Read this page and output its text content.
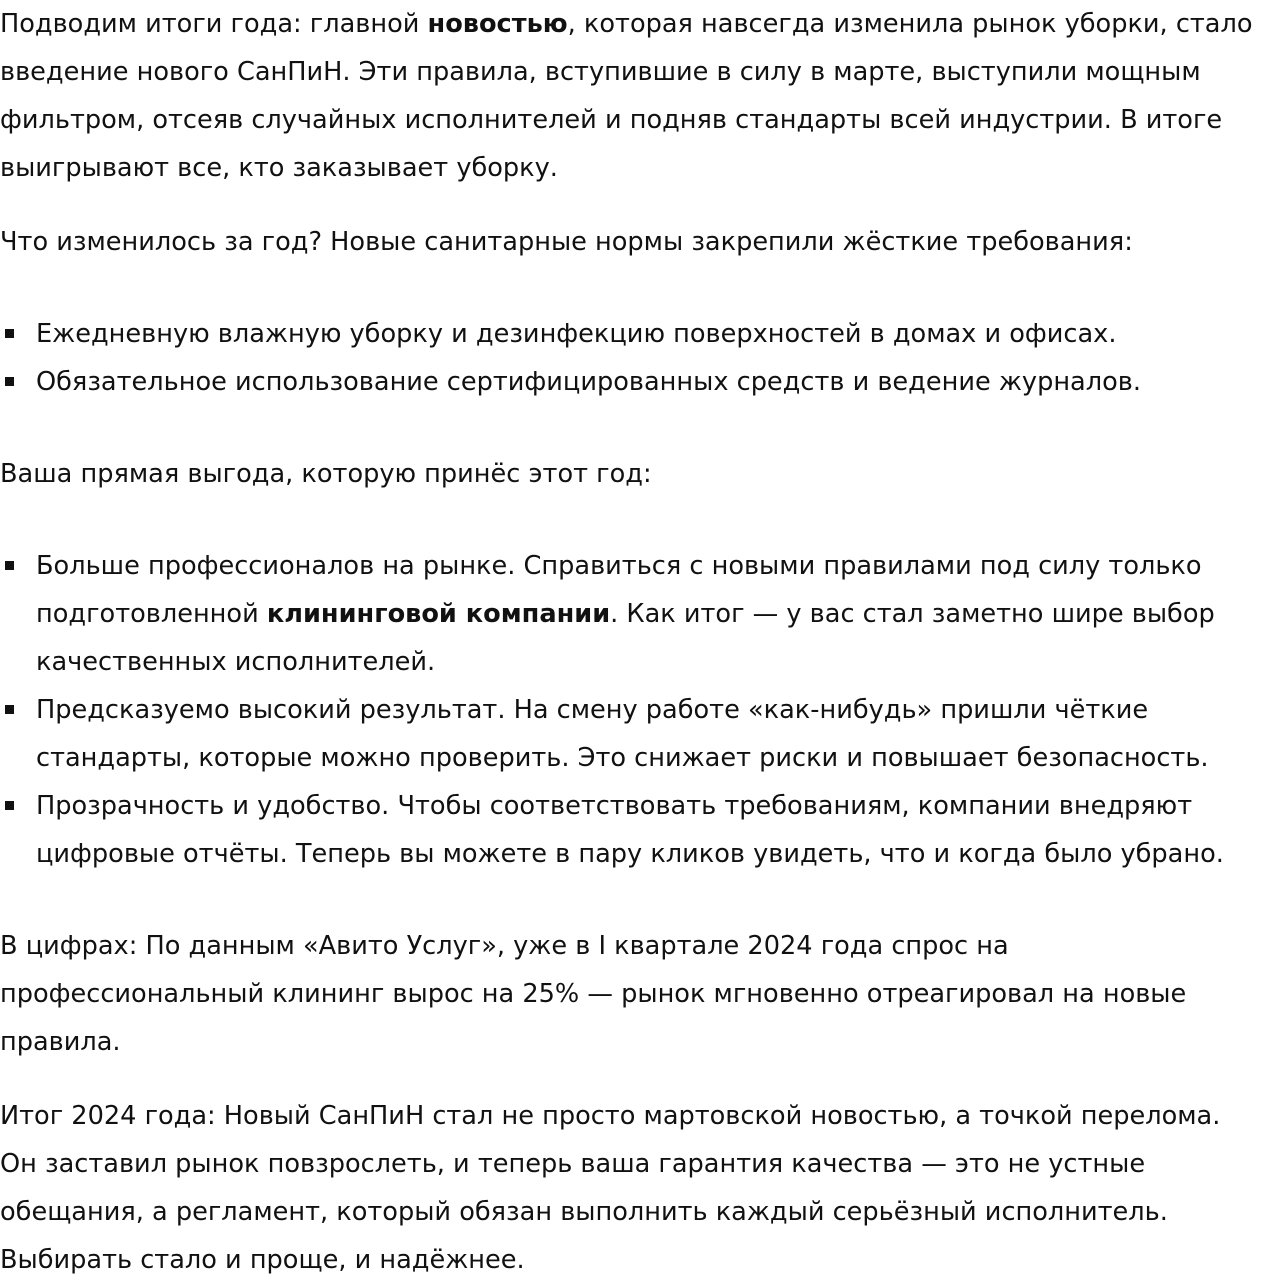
Подводим итоги года: главной новостью, которая навсегда изменила рынок уборки, стало введение нового СанПиН. Эти правила, вступившие в силу в марте, выступили мощным фильтром, отсеяв случайных исполнителей и подняв стандарты всей индустрии. В итоге выигрывают все, кто заказывает уборку.

Что изменилось за год? Новые санитарные нормы закрепили жёсткие требования:

Ежедневную влажную уборку и дезинфекцию поверхностей в домах и офисах.
Обязательное использование сертифицированных средств и ведение журналов.

Ваша прямая выгода, которую принёс этот год:

Больше профессионалов на рынке. Справиться с новыми правилами под силу только подготовленной клининговой компании. Как итог — у вас стал заметно шире выбор качественных исполнителей.
Предсказуемо высокий результат. На смену работе «как-нибудь» пришли чёткие стандарты, которые можно проверить. Это снижает риски и повышает безопасность.
Прозрачность и удобство. Чтобы соответствовать требованиям, компании внедряют цифровые отчёты. Теперь вы можете в пару кликов увидеть, что и когда было убрано.

В цифрах: По данным «Авито Услуг», уже в I квартале 2024 года спрос на профессиональный клининг вырос на 25% — рынок мгновенно отреагировал на новые правила.

Итог 2024 года: Новый СанПиН стал не просто мартовской новостью, а точкой перелома. Он заставил рынок повзрослеть, и теперь ваша гарантия качества — это не устные обещания, а регламент, который обязан выполнить каждый серьёзный исполнитель. Выбирать стало и проще, и надёжнее.
